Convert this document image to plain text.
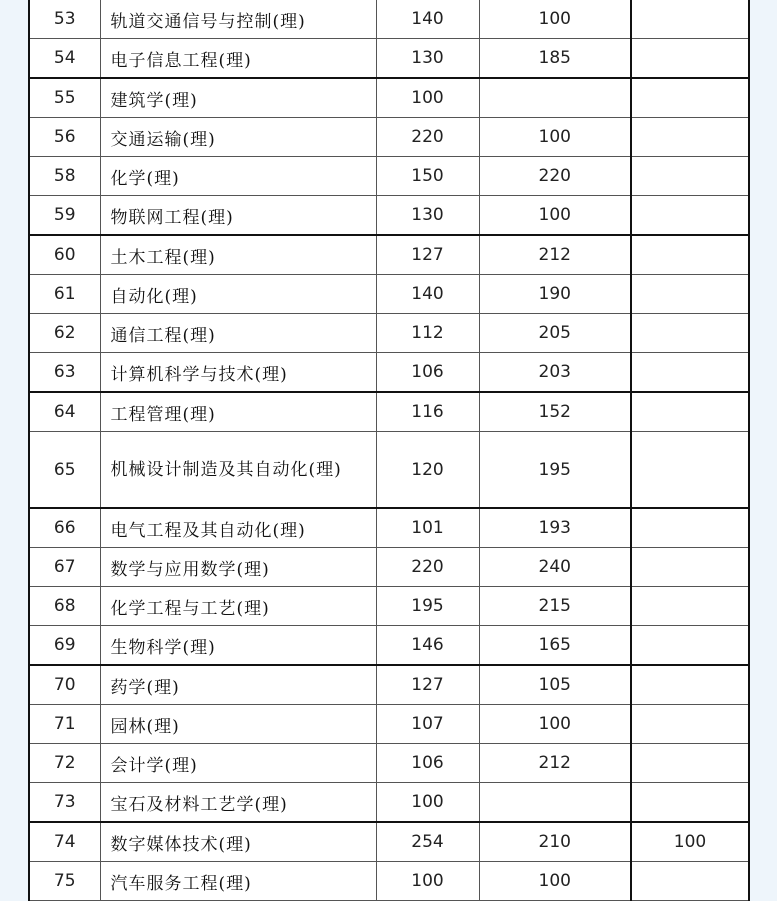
53	轨道交通信号与控制(理)	140	100	
54	电子信息工程(理)	130	185	
55	建筑学(理)	100		
56	交通运输(理)	220	100	
58	化学(理)	150	220	
59	物联网工程(理)	130	100	
60	土木工程(理)	127	212	
61	自动化(理)	140	190	
62	通信工程(理)	112	205	
63	计算机科学与技术(理)	106	203	
64	工程管理(理)	116	152	
65	机械设计制造及其自动化(理)	120	195	
66	电气工程及其自动化(理)	101	193	
67	数学与应用数学(理)	220	240	
68	化学工程与工艺(理)	195	215	
69	生物科学(理)	146	165	
70	药学(理)	127	105	
71	园林(理)	107	100	
72	会计学(理)	106	212	
73	宝石及材料工艺学(理)	100		
74	数字媒体技术(理)	254	210	100
75	汽车服务工程(理)	100	100	
